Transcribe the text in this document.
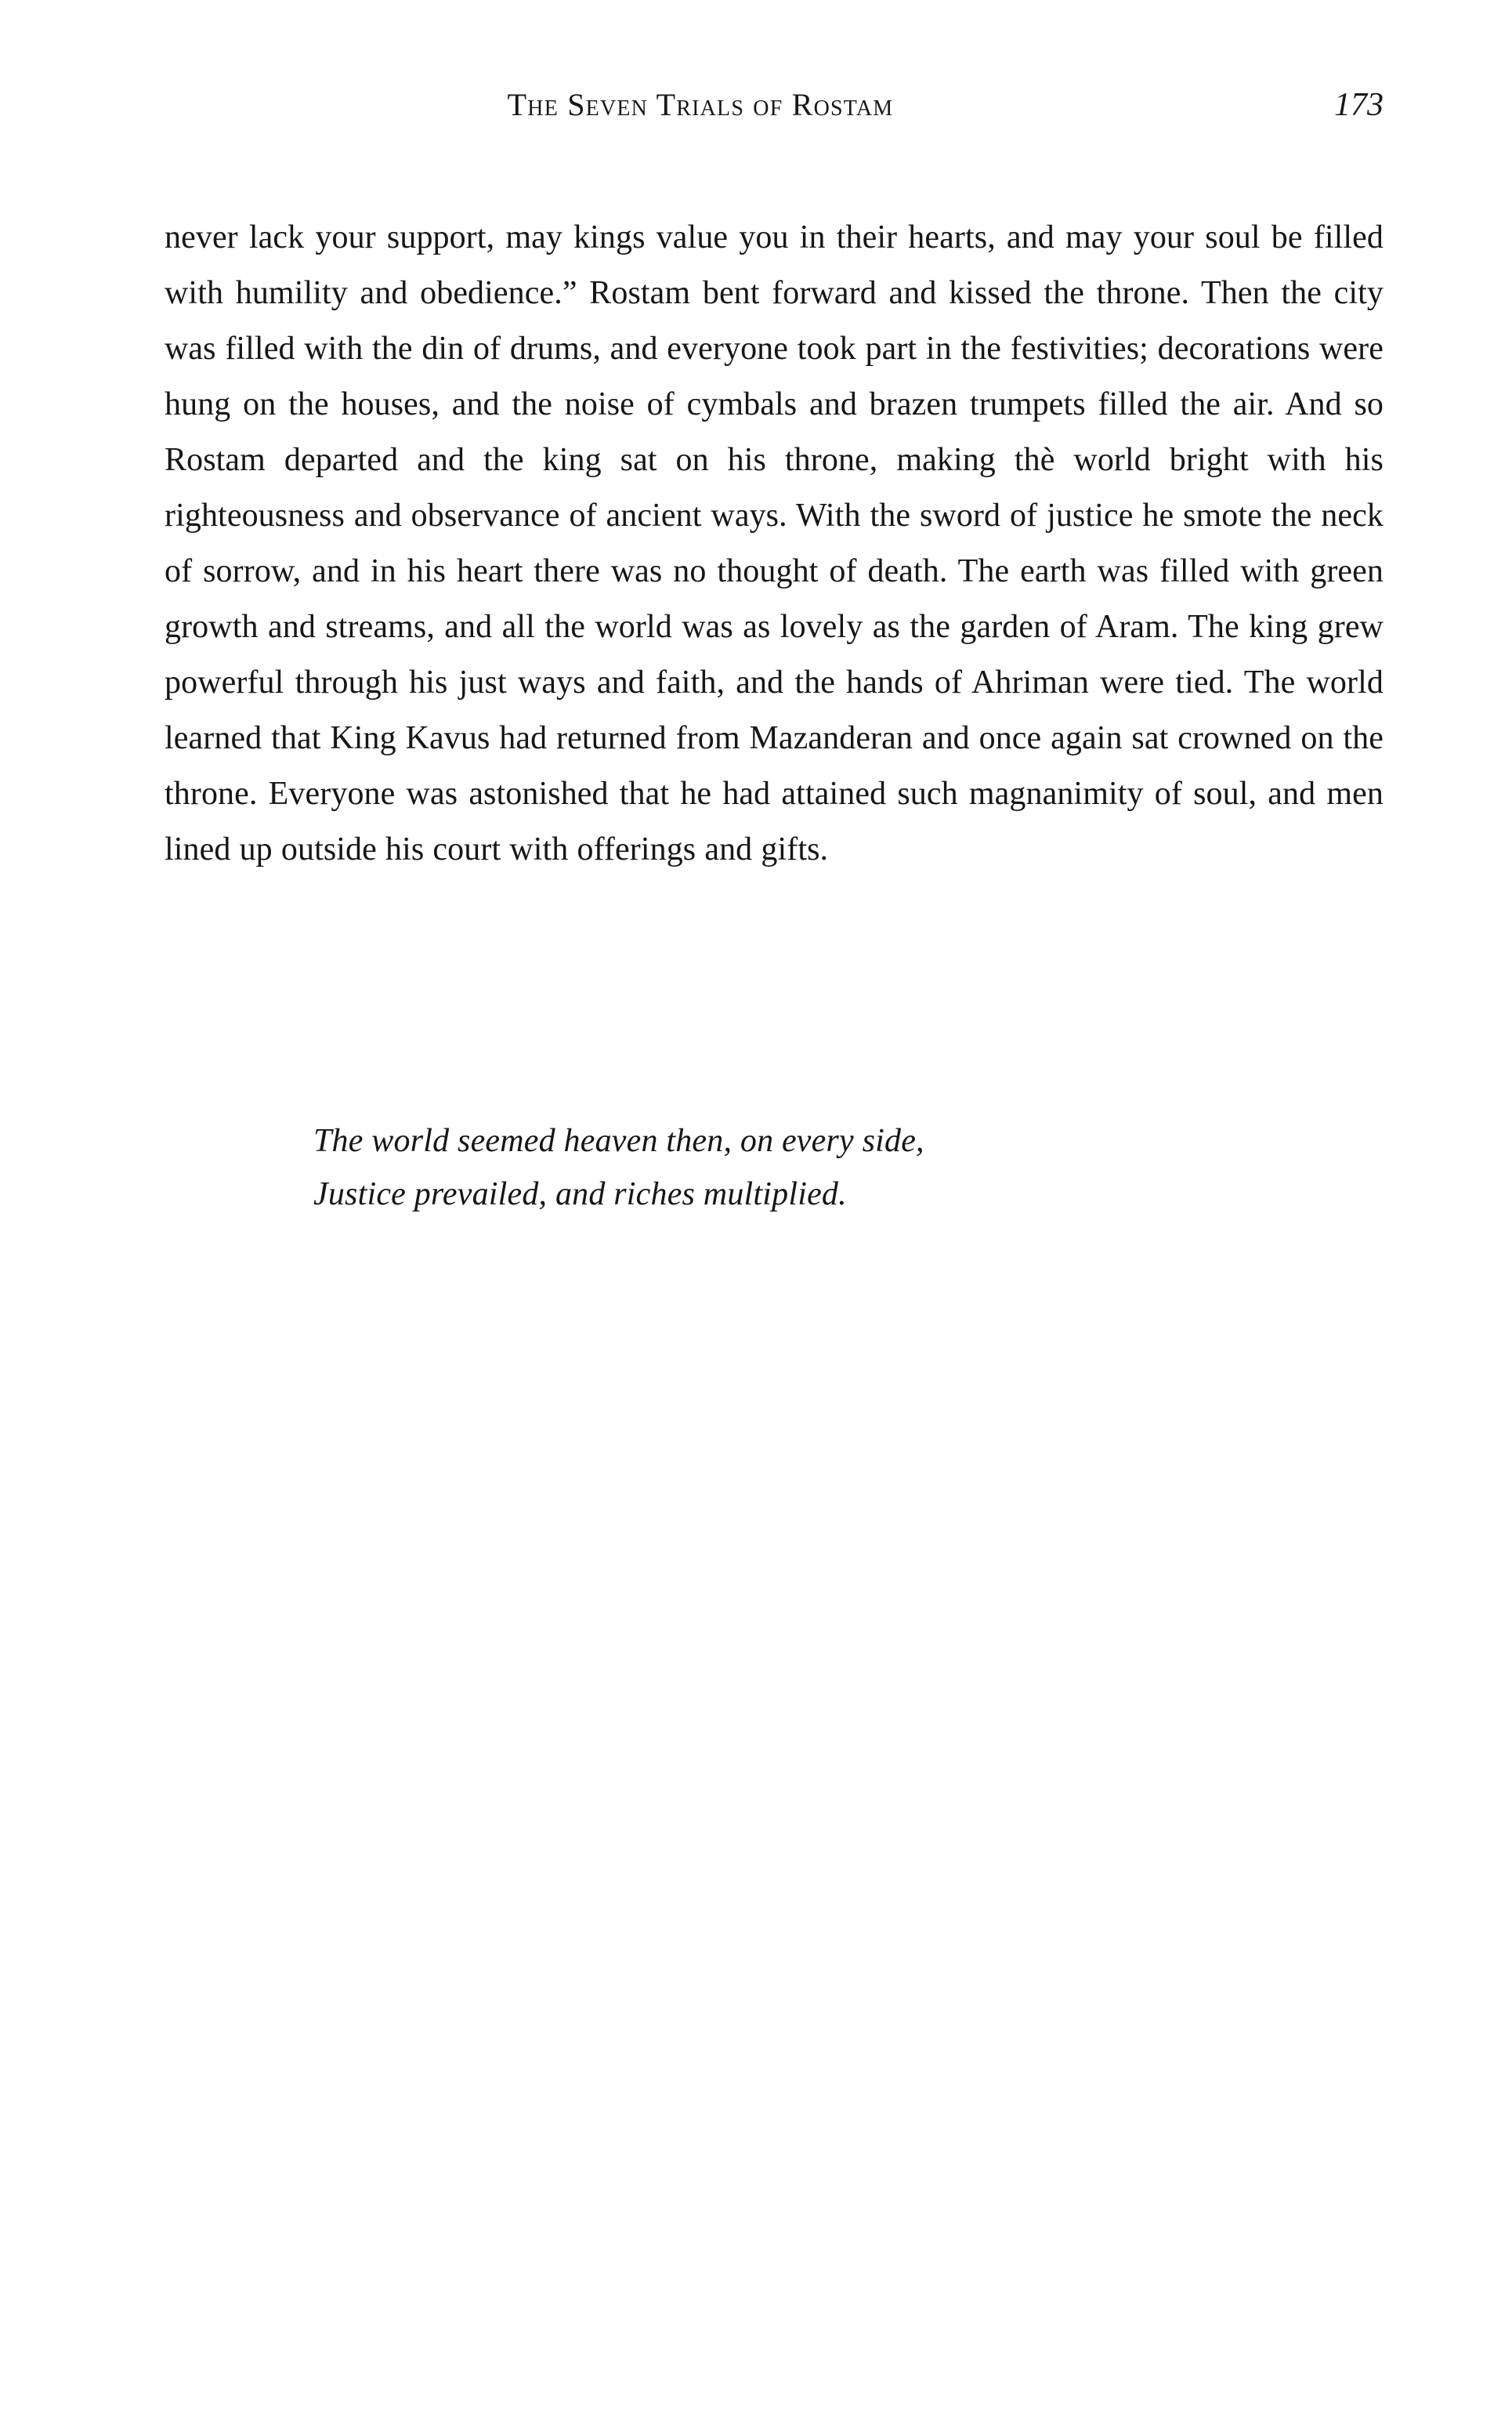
The Seven Trials of Rostam	173

never lack your support, may kings value you in their hearts, and may your soul be filled with humility and obedience.” Rostam bent forward and kissed the throne. Then the city was filled with the din of drums, and everyone took part in the festivities; decorations were hung on the houses, and the noise of cymbals and brazen trumpets filled the air. And so Rostam departed and the king sat on his throne, making thè world bright with his righteousness and observance of ancient ways. With the sword of justice he smote the neck of sorrow, and in his heart there was no thought of death. The earth was filled with green growth and streams, and all the world was as lovely as the garden of Aram. The king grew powerful through his just ways and faith, and the hands of Ahriman were tied. The world learned that King Kavus had returned from Mazanderan and once again sat crowned on the throne. Everyone was astonished that he had attained such magnanimity of soul, and men lined up outside his court with offerings and gifts.

The world seemed heaven then, on every side,

Justice prevailed, and riches multiplied.
